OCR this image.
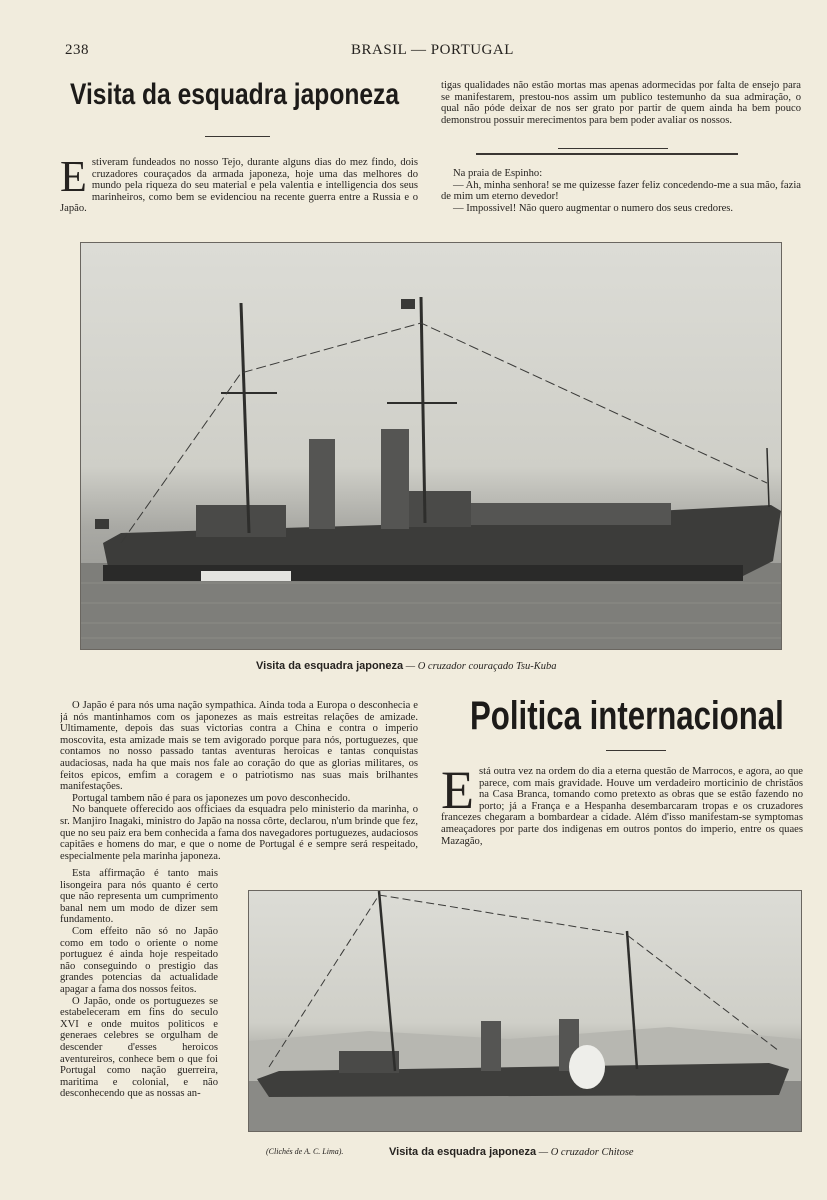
238	BRASIL — PORTUGAL
Visita da esquadra japoneza
E stiveram fundeados no nosso Tejo, durante alguns dias do mez findo, dois cruzadores couraçados da armada japoneza, hoje uma das melhores do mundo pela riqueza do seu material e pela valentia e intelligencia dos seus marinheiros, como bem se evidenciou na recente guerra entre a Russia e o Japão.

tigas qualidades não estão mortas mas apenas adormecidas por falta de ensejo para se manifestarem, prestou-nos assim um publico testemunho da sua admiração, o qual não póde deixar de nos ser grato por partir de quem ainda ha bem pouco demonstrou possuir merecimentos para bem poder avaliar os nossos.

Na praia de Espinho:

— Ah, minha senhora! se me quizesse fazer feliz concedendo-me a sua mão, fazia de mim um eterno devedor!

— Impossivel! Não quero augmentar o numero dos seus credores.

Visita da esquadra japoneza — O cruzador couraçado Tsu-Kuba

O Japão é para nós uma nação sympathica. Ainda toda a Europa o desconhecia e já nós mantinhamos com os japonezes as mais estreitas relações de amizade. Ultimamente, depois das suas victorias contra a China e contra o imperio moscovita, esta amizade mais se tem avigorado porque para nós, portuguezes, que contamos no nosso passado tantas aventuras heroicas e tantas conquistas audaciosas, nada ha que mais nos fale ao coração do que as glorias militares, os feitos epicos, emfim a coragem e o patriotismo nas suas mais brilhantes manifestações.

Portugal tambem não é para os japonezes um povo desconhecido.

No banquete offerecido aos officiaes da esquadra pelo ministerio da marinha, o sr. Manjiro Inagaki, ministro do Japão na nossa côrte, declarou, n'um brinde que fez, que no seu paiz era bem conhecida a fama dos navegadores portuguezes, audaciosos capitães e homens do mar, e que o nome de Portugal é e sempre será respeitado, especialmente pela marinha japoneza.

Esta affirmação é tanto mais lisongeira para nós quanto é certo que não representa um cumprimento banal nem um modo de dizer sem fundamento.

Com effeito não só no Japão como em todo o oriente o nome portuguez é ainda hoje respeitado não conseguindo o prestigio das grandes potencias da actualidade apagar a fama dos nossos feitos.

O Japão, onde os portuguezes se estabeleceram em fins do seculo XVI e onde muitos politicos e generaes celebres se orgulham de descender d'esses heroicos aventureiros, conhece bem o que foi Portugal como nação guerreira, maritima e colonial, e não desconhecendo que as nossas an-

Politica internacional
E stá outra vez na ordem do dia a eterna questão de Marrocos, e agora, ao que parece, com mais gravidade. Houve um verdadeiro morticinio de christãos na Casa Branca, tomando como pretexto as obras que se estão fazendo no porto; já a França e a Hespanha desembarcaram tropas e os cruzadores francezes chegaram a bombardear a cidade. Além d'isso manifestam-se symptomas ameaçadores por parte dos indigenas em outros pontos do imperio, entre os quaes Mazagão,
(Clichés de A. C. Lima).	Visita da esquadra japoneza — O cruzador Chitose
